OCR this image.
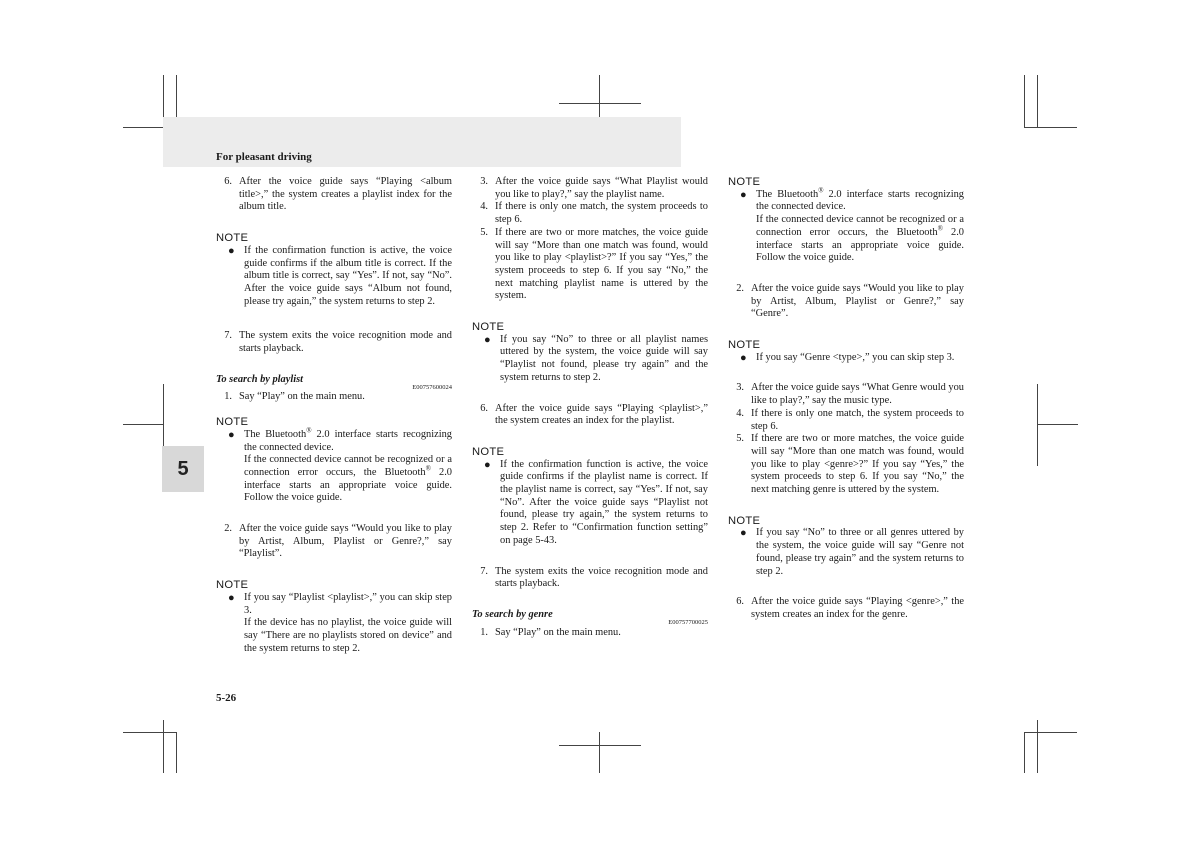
For pleasant driving
5
5-26
6. After the voice guide says “Playing <album title>,” the system creates a playlist index for the album title.

NOTE

● If the confirmation function is active, the voice guide confirms if the album title is correct. If the album title is correct, say “Yes”. If not, say “No”. After the voice guide says “Album not found, please try again,” the system returns to step 2.
7. The system exits the voice recognition mode and starts playback.
To search by playlist
E00757600024
1. Say “Play” on the main menu.

NOTE

● The Bluetooth® 2.0 interface starts recognizing the connected device.
If the connected device cannot be recognized or a connection error occurs, the Bluetooth® 2.0 interface starts an appropriate voice guide. Follow the voice guide.
2. After the voice guide says “Would you like to play by Artist, Album, Playlist or Genre?,” say “Playlist”.

NOTE

● If you say “Playlist <playlist>,” you can skip step 3.
If the device has no playlist, the voice guide will say “There are no playlists stored on device” and the system returns to step 2.
3. After the voice guide says “What Playlist would you like to play?,” say the playlist name.
4. If there is only one match, the system proceeds to step 6.
5. If there are two or more matches, the voice guide will say “More than one match was found, would you like to play <playlist>?” If you say “Yes,” the system proceeds to step 6. If you say “No,” the next matching playlist name is uttered by the system.

NOTE

● If you say “No” to three or all playlist names uttered by the system, the voice guide will say “Playlist not found, please try again” and the system returns to step 2.
6. After the voice guide says “Playing <playlist>,” the system creates an index for the playlist.

NOTE

● If the confirmation function is active, the voice guide confirms if the playlist name is correct. If the playlist name is correct, say “Yes”. If not, say “No”. After the voice guide says “Playlist not found, please try again,” the system returns to step 2. Refer to “Confirmation function setting” on page 5-43.
7. The system exits the voice recognition mode and starts playback.
To search by genre
E00757700025
1. Say “Play” on the main menu.

NOTE

● The Bluetooth® 2.0 interface starts recognizing the connected device.
If the connected device cannot be recognized or a connection error occurs, the Bluetooth® 2.0 interface starts an appropriate voice guide. Follow the voice guide.
2. After the voice guide says “Would you like to play by Artist, Album, Playlist or Genre?,” say “Genre”.

NOTE

● If you say “Genre <type>,” you can skip step 3.
3. After the voice guide says “What Genre would you like to play?,” say the music type.
4. If there is only one match, the system proceeds to step 6.
5. If there are two or more matches, the voice guide will say “More than one match was found, would you like to play <genre>?” If you say “Yes,” the system proceeds to step 6. If you say “No,” the next matching genre is uttered by the system.

NOTE

● If you say “No” to three or all genres uttered by the system, the voice guide will say “Genre not found, please try again” and the system returns to step 2.
6. After the voice guide says “Playing <genre>,” the system creates an index for the genre.
